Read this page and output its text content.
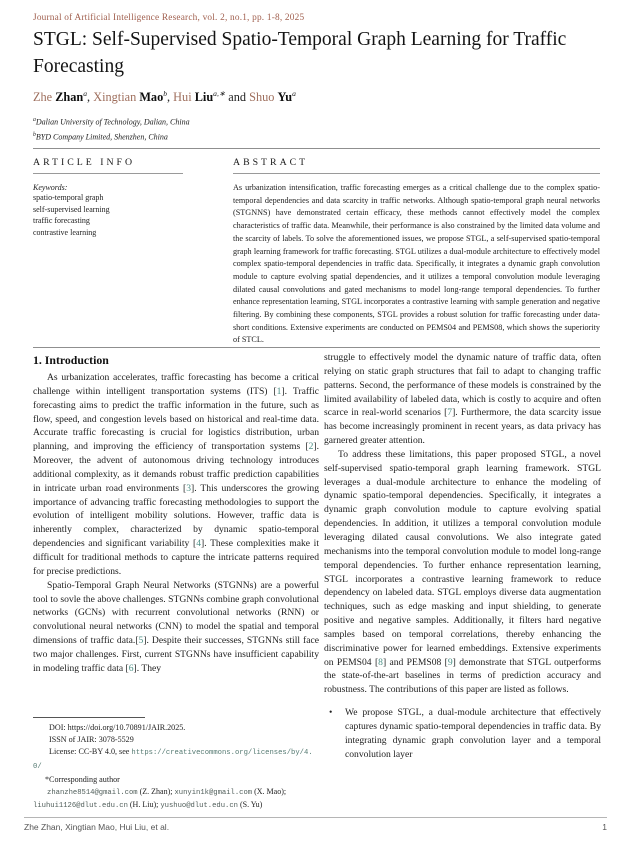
Journal of Artificial Intelligence Research, vol. 2, no.1, pp. 1-8, 2025
STGL: Self-Supervised Spatio-Temporal Graph Learning for Traffic Forecasting
Zhe Zhan$^a$, Xingtian Mao$^b$, Hui Liu$^{a,∗}$ and Shuo Yu$^a$
$^a$Dalian University of Technology, Dalian, China
$^b$BYD Company Limited, Shenzhen, China
ARTICLE INFO
Keywords:
spatio-temporal graph
self-supervised learning
traffic forecasting
contrastive learning
ABSTRACT
As urbanization intensification, traffic forecasting emerges as a critical challenge due to the complex spatio-temporal dependencies and data scarcity in traffic networks. Although spatio-temporal graph neural networks (STGNNS) have demonstrated certain efficacy, these methods cannot effectively model the complex characteristics of traffic data. Meanwhile, their performance is also constrained by the limited data volume and the scarcity of labels. To solve the aforementioned issues, we propose STGL, a self-supervised spatio-temporal graph learning framework for traffic forecasting. STGL utilizes a dual-module architecture to effectively model complex spatio-temporal dependencies in traffic data. Specifically, it integrates a dynamic graph convolution module to capture evolving spatial dependencies, and it utilizes a temporal convolution module leveraging dilated causal convolutions and gated mechanisms to model long-range temporal dependencies. To further enhance representation learning, STGL incorporates a contrastive learning with sample generation and negative filtering. By combining these components, STGL provides a robust solution for traffic forecasting under data-short conditions. Extensive experiments are conducted on PEMS04 and PEMS08, which shows the superiority of STCL.
1. Introduction

As urbanization accelerates, traffic forecasting has become a critical challenge within intelligent transportation systems (ITS) [1]. Traffic forecasting aims to predict the traffic information in the future, such as flow, speed, and congestion levels based on historical and real-time data. Accurate traffic forecasting is crucial for logistics distribution, urban planning, and improving the efficiency of transportation systems [2]. Moreover, the advent of autonomous driving technology introduces additional complexity, as it demands robust traffic prediction capabilities in intricate urban road environments [3]. This underscores the growing importance of advancing traffic forecasting methodologies to support the evolution of intelligent mobility solutions. However, traffic data is inherently complex, characterized by dynamic spatio-temporal dependencies and significant variability [4]. These complexities make it difficult for traditional methods to capture the intricate patterns required for precise predictions.

Spatio-Temporal Graph Neural Networks (STGNNs) are a powerful tool to sovle the above challenges. STGNNs combine graph convolutional networks (GCNs) with recurrent convolutional networks (RNN) or convolutional neural networks (CNN) to model the spatial and temporal dimensions of traffic data.[5]. Despite their successes, STGNNs still face two major challenges. First, current STGNNs have insufficient capability in modeling traffic data [6]. They

struggle to effectively model the dynamic nature of traffic data, often relying on static graph structures that fail to adapt to changing traffic patterns. Second, the performance of these models is constrained by the limited availability of labeled data, which is costly to acquire and often scarce in real-world scenarios [7]. Furthermore, the data scarcity issue has become increasingly prominent in recent years, as data privacy has garnered greater attention.

To address these limitations, this paper proposed STGL, a novel self-supervised spatio-temporal graph learning framework. STGL leverages a dual-module architecture to enhance the modeling of dynamic spatio-temporal dependencies. Specifically, it integrates a dynamic graph convolution module to capture evolving spatial dependencies. In addition, it utilizes a temporal convolution module leveraging dilated causal convolutions. We also integrate gated mechanisms into the temporal convolution module to model long-range temporal dependencies. To further enhance representation learning, STGL incorporates a contrastive learning framework to reduce dependency on labeled data. STGL employs diverse data augmentation techniques, such as edge masking and input shielding, to generate positive and negative samples. Additionally, it filters hard negative samples based on temporal correlations, thereby enhancing the discriminative power for learned embeddings. Extensive experiments on PEMS04 [8] and PEMS08 [9] demonstrate that STGL outperforms the state-of-the-art baselines in terms of prediction accuracy and robustness. The contributions of this paper are listed as follows.

•	We propose STGL, a dual-module architecture that effectively captures dynamic spatio-temporal dependencies in traffic data. By integrating dynamic graph convolution layer and a temporal convolution layer
DOI: https://doi.org/10.70891/JAIR.2025.
ISSN of JAIR: 3078-5529
License: CC-BY 4.0, see https://creativecommons.org/licenses/by/4.0/
*Corresponding author
zhanzhe8514@gmail.com (Z. Zhan); xunyin1k@gmail.com (X. Mao); liuhui1126@dlut.edu.cn (H. Liu); yushuo@dlut.edu.cn (S. Yu)
Zhe Zhan, Xingtian Mao, Hui Liu, et al.	1
